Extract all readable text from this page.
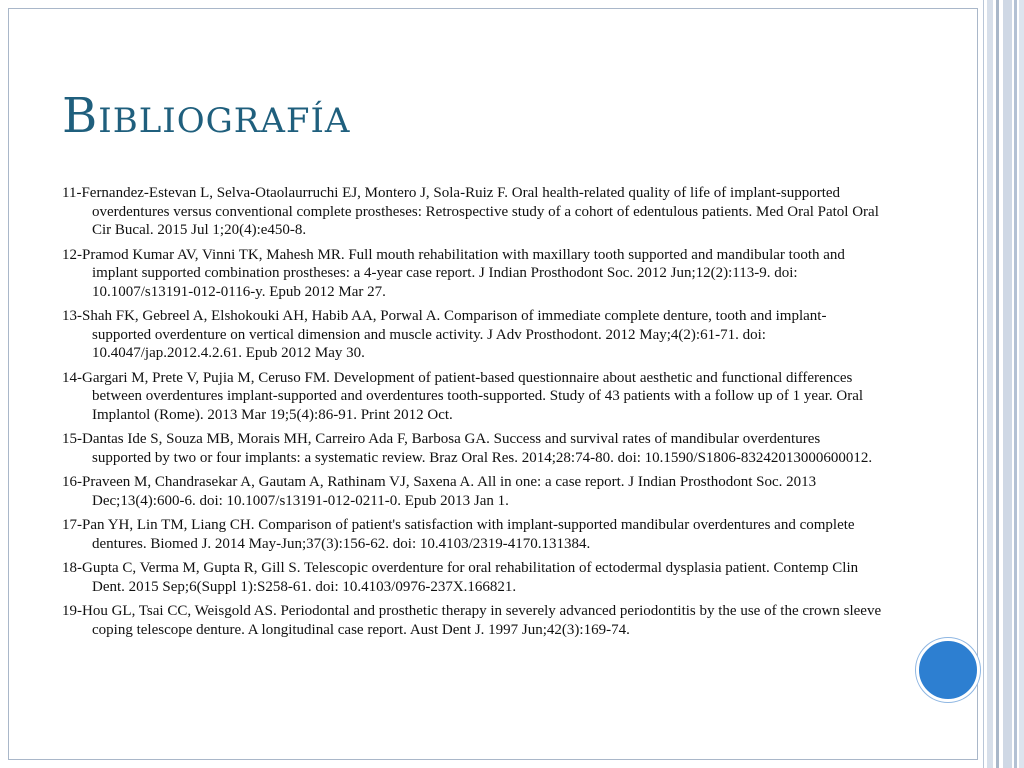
Bibliografía

11-Fernandez-Estevan L, Selva-Otaolaurruchi EJ, Montero J, Sola-Ruiz F. Oral health-related quality of life of implant-supported overdentures versus conventional complete prostheses: Retrospective study of a cohort of edentulous patients. Med Oral Patol Oral Cir Bucal. 2015 Jul 1;20(4):e450-8.

12-Pramod Kumar AV, Vinni TK, Mahesh MR. Full mouth rehabilitation with maxillary tooth supported and mandibular tooth and implant supported combination prostheses: a 4-year case report. J Indian Prosthodont Soc. 2012 Jun;12(2):113-9. doi: 10.1007/s13191-012-0116-y. Epub 2012 Mar 27.

13-Shah FK, Gebreel A, Elshokouki AH, Habib AA, Porwal A. Comparison of immediate complete denture, tooth and implant-supported overdenture on vertical dimension and muscle activity. J Adv Prosthodont. 2012 May;4(2):61-71. doi: 10.4047/jap.2012.4.2.61. Epub 2012 May 30.

14-Gargari M, Prete V, Pujia M, Ceruso FM. Development of patient-based questionnaire about aesthetic and functional differences between overdentures implant-supported and overdentures tooth-supported. Study of 43 patients with a follow up of 1 year. Oral Implantol (Rome). 2013 Mar 19;5(4):86-91. Print 2012 Oct.

15-Dantas Ide S, Souza MB, Morais MH, Carreiro Ada F, Barbosa GA. Success and survival rates of mandibular overdentures supported by two or four implants: a systematic review. Braz Oral Res. 2014;28:74-80. doi: 10.1590/S1806-83242013000600012.

16-Praveen M, Chandrasekar A, Gautam A, Rathinam VJ, Saxena A. All in one: a case report. J Indian Prosthodont Soc. 2013 Dec;13(4):600-6. doi: 10.1007/s13191-012-0211-0. Epub 2013 Jan 1.

17-Pan YH, Lin TM, Liang CH. Comparison of patient's satisfaction with implant-supported mandibular overdentures and complete dentures. Biomed J. 2014 May-Jun;37(3):156-62. doi: 10.4103/2319-4170.131384.

18-Gupta C, Verma M, Gupta R, Gill S. Telescopic overdenture for oral rehabilitation of ectodermal dysplasia patient. Contemp Clin Dent. 2015 Sep;6(Suppl 1):S258-61. doi: 10.4103/0976-237X.166821.

19-Hou GL, Tsai CC, Weisgold AS. Periodontal and prosthetic therapy in severely advanced periodontitis by the use of the crown sleeve coping telescope denture. A longitudinal case report. Aust Dent J. 1997 Jun;42(3):169-74.
